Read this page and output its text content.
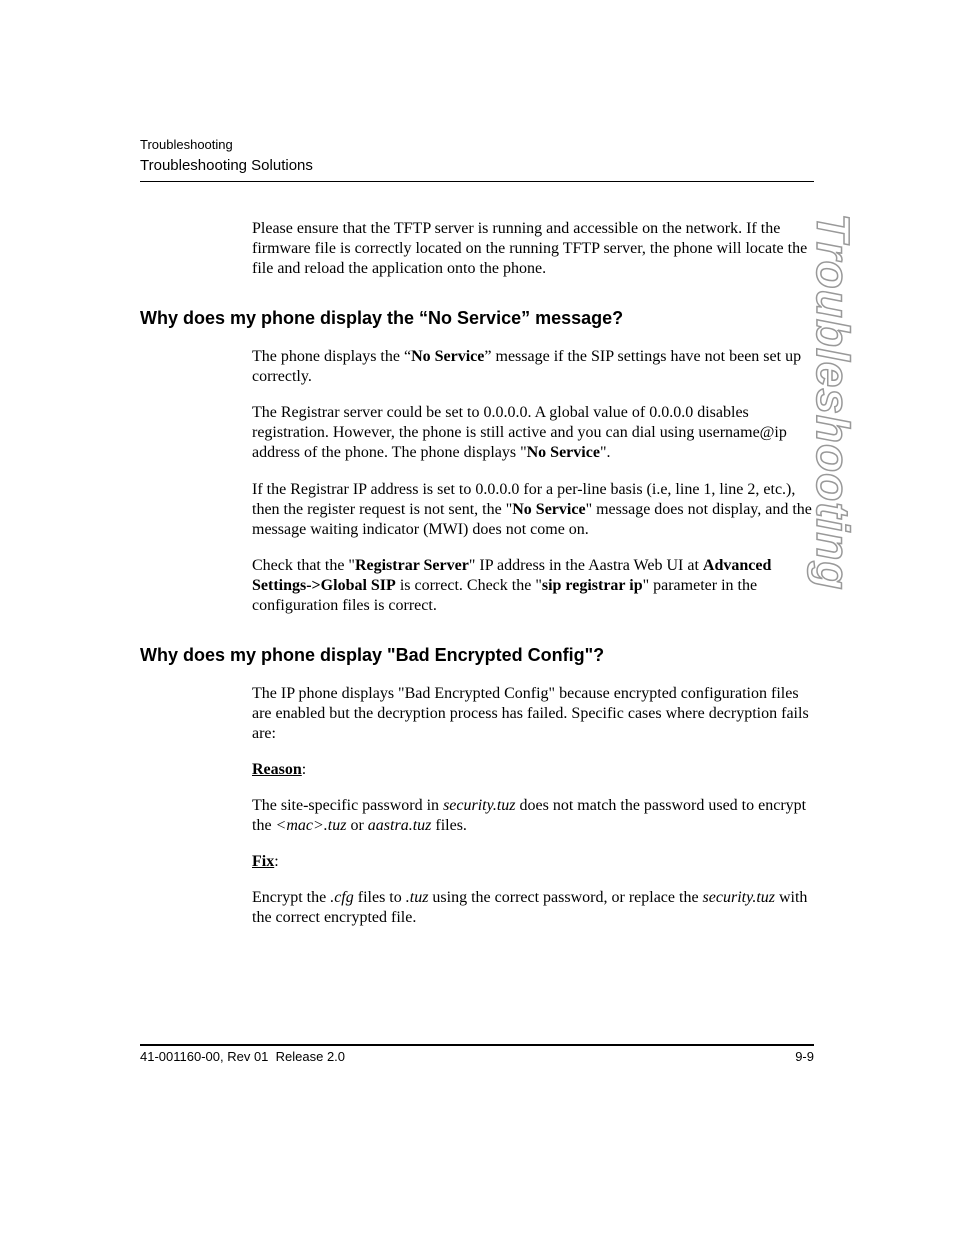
Troubleshooting
Troubleshooting Solutions
Troubleshooting

Please ensure that the TFTP server is running and accessible on the network. If the firmware file is correctly located on the running TFTP server, the phone will locate the file and reload the application onto the phone.

Why does my phone display the “No Service” message?

The phone displays the “No Service” message if the SIP settings have not been set up correctly.

The Registrar server could be set to 0.0.0.0. A global value of 0.0.0.0 disables registration. However, the phone is still active and you can dial using username@ip address of the phone. The phone displays "No Service".

If the Registrar IP address is set to 0.0.0.0 for a per-line basis (i.e, line 1, line 2, etc.), then the register request is not sent, the "No Service" message does not display, and the message waiting indicator (MWI) does not come on.

Check that the "Registrar Server" IP address in the Aastra Web UI at Advanced Settings->Global SIP is correct. Check the "sip registrar ip" parameter in the configuration files is correct.

Why does my phone display "Bad Encrypted Config"?

The IP phone displays "Bad Encrypted Config" because encrypted configuration files are enabled but the decryption process has failed. Specific cases where decryption fails are:

Reason:

The site-specific password in security.tuz does not match the password used to encrypt the <mac>.tuz or aastra.tuz files.

Fix:

Encrypt the .cfg files to .tuz using the correct password, or replace the security.tuz with the correct encrypted file.

41-001160-00, Rev 01  Release 2.0	9-9
